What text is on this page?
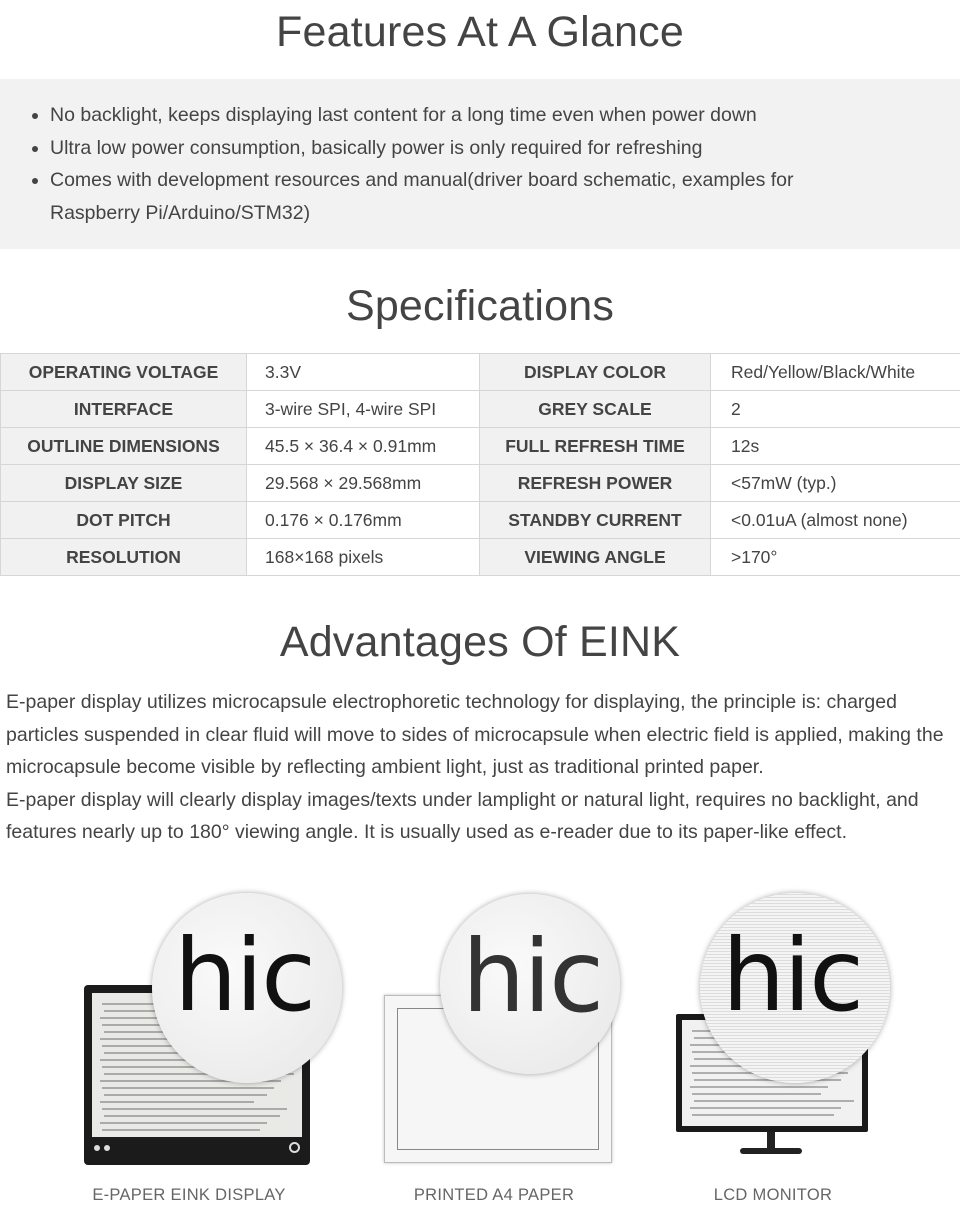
Features At A Glance
No backlight, keeps displaying last content for a long time even when power down
Ultra low power consumption, basically power is only required for refreshing
Comes with development resources and manual(driver board schematic, examples for Raspberry Pi/Arduino/STM32)
Specifications
OPERATING VOLTAGE	3.3V	DISPLAY COLOR	Red/Yellow/Black/White
INTERFACE	3-wire SPI, 4-wire SPI	GREY SCALE	2
OUTLINE DIMENSIONS	45.5 × 36.4 × 0.91mm	FULL REFRESH TIME	12s
DISPLAY SIZE	29.568 × 29.568mm	REFRESH POWER	<57mW (typ.)
DOT PITCH	0.176 × 0.176mm	STANDBY CURRENT	<0.01uA (almost none)
RESOLUTION	168×168 pixels	VIEWING ANGLE	>170°
Advantages Of EINK

E-paper display utilizes microcapsule electrophoretic technology for displaying, the principle is: charged particles suspended in clear fluid will move to sides of microcapsule when electric field is applied, making the microcapsule become visible by reflecting ambient light, just as traditional printed paper.

E-paper display will clearly display images/texts under lamplight or natural light, requires no backlight, and features nearly up to 180° viewing angle. It is usually used as e-reader due to its paper-like effect.

hic hic hic
E-PAPER EINK DISPLAY	PRINTED A4 PAPER	LCD MONITOR
